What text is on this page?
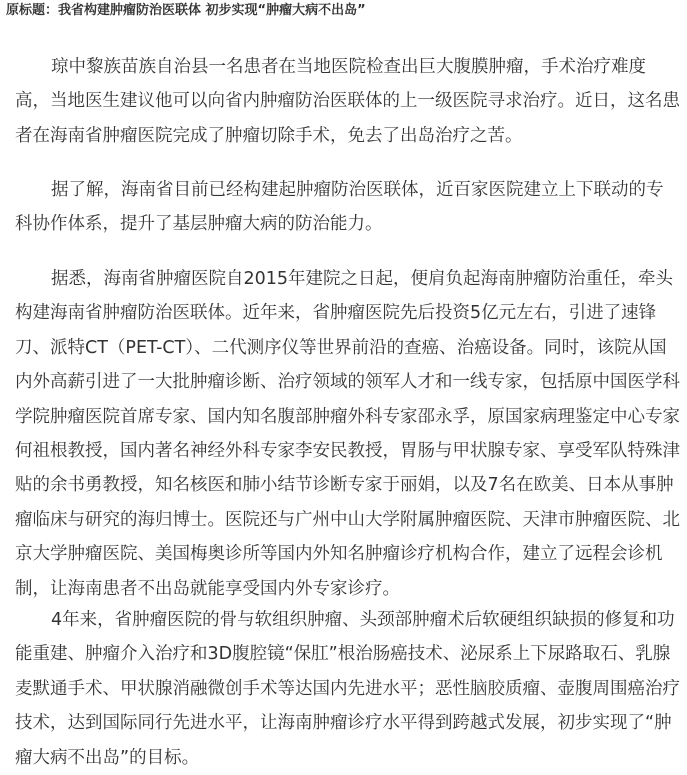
原标题：我省构建肿瘤防治医联体 初步实现“肿瘤大病不出岛”

琼中黎族苗族自治县一名患者在当地医院检查出巨大腹膜肿瘤，手术治疗难度高，当地医生建议他可以向省内肿瘤防治医联体的上一级医院寻求治疗。近日，这名患者在海南省肿瘤医院完成了肿瘤切除手术，免去了出岛治疗之苦。

据了解，海南省目前已经构建起肿瘤防治医联体，近百家医院建立上下联动的专科协作体系，提升了基层肿瘤大病的防治能力。

据悉，海南省肿瘤医院自2015年建院之日起，便肩负起海南肿瘤防治重任，牵头构建海南省肿瘤防治医联体。近年来，省肿瘤医院先后投资5亿元左右，引进了速锋刀、派特CT（PET-CT）、二代测序仪等世界前沿的查癌、治癌设备。同时，该院从国内外高薪引进了一大批肿瘤诊断、治疗领域的领军人才和一线专家，包括原中国医学科学院肿瘤医院首席专家、国内知名腹部肿瘤外科专家邵永孚，原国家病理鉴定中心专家何祖根教授，国内著名神经外科专家李安民教授，胃肠与甲状腺专家、享受军队特殊津贴的余书勇教授，知名核医和肺小结节诊断专家于丽娟，以及7名在欧美、日本从事肿瘤临床与研究的海归博士。医院还与广州中山大学附属肿瘤医院、天津市肿瘤医院、北京大学肿瘤医院、美国梅奥诊所等国内外知名肿瘤诊疗机构合作，建立了远程会诊机制，让海南患者不出岛就能享受国内外专家诊疗。

4年来，省肿瘤医院的骨与软组织肿瘤、头颈部肿瘤术后软硬组织缺损的修复和功能重建、肿瘤介入治疗和3D腹腔镜“保肛”根治肠癌技术、泌尿系上下尿路取石、乳腺麦默通手术、甲状腺消融微创手术等达国内先进水平；恶性脑胶质瘤、壶腹周围癌治疗技术，达到国际同行先进水平，让海南肿瘤诊疗水平得到跨越式发展，初步实现了“肿瘤大病不出岛”的目标。
